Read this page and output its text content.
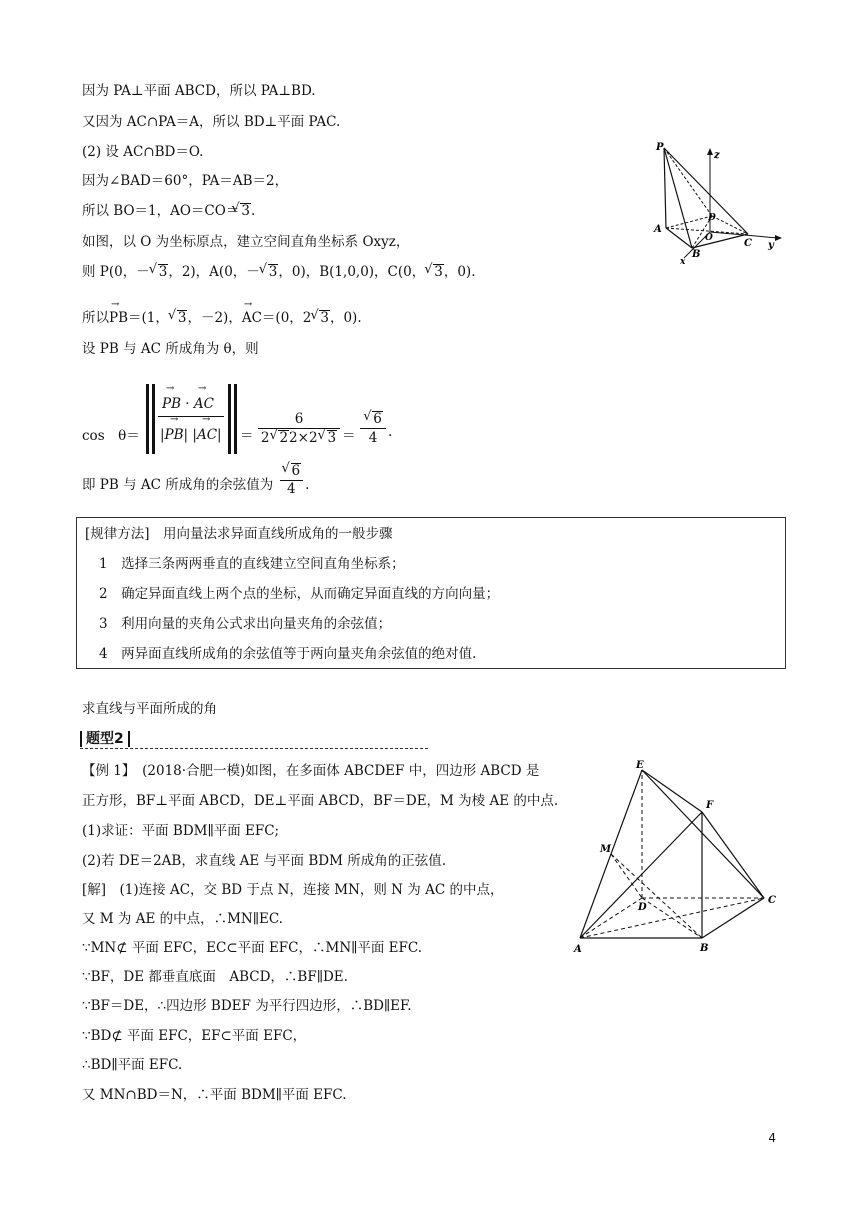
因为 PA⊥平面 ABCD，所以 PA⊥BD.
又因为 AC∩PA＝A，所以 BD⊥平面 PAC.
(2) 设 AC∩BD＝O.
因为∠BAD＝60°，PA＝AB＝2，
所以 BO＝1，AO＝CO＝ √ 3.
如图，以 O 为坐标原点，建立空间直角坐标系 Oxyz，
则 P(0，－ √ 3，2)，A(0，－ √ 3，0)，B(1,0,0)，C(0， √ 3，0).
所以→ PB＝(1， √ 3，－2)，→ AC＝(0，2 √ 3，0).
设 PB 与 AC 所成角为 θ，则
cos　θ＝
→ →
PB · AC
→ →
|PB| |AC| ＝
6
2 √ 22×2 √ 3 ＝
√ 6
4 .
即 PB 与 AC 所成角的余弦值为 √ $\frac{6}{4}$ .
P
z
A
D
O
B
C y
x
[规律方法]　用向量法求异面直线所成角的一般步骤
1　选择三条两两垂直的直线建立空间直角坐标系；
2　确定异面直线上两个点的坐标，从而确定异面直线的方向向量；
3　利用向量的夹角公式求出向量夹角的余弦值；
4　两异面直线所成角的余弦值等于两向量夹角余弦值的绝对值.
求直线与平面所成的角
题型2
【例 1】　(2018·合肥一模)如图，在多面体 ABCDEF 中，四边形 ABCD 是
正方形，BF⊥平面 ABCD，DE⊥平面 ABCD，BF＝DE，M 为棱 AE 的中点.
(1)求证：平面 BDM∥平面 EFC;
(2)若 DE＝2AB，求直线 AE 与平面 BDM 所成角的正弦值.
[解]　(1)连接 AC，交 BD 于点 N，连接 MN，则 N 为 AC 的中点，
又 M 为 AE 的中点，∴MN∥EC.
∵MN⊄ 平面 EFC，EC⊂平面 EFC，∴MN∥平面 EFC.
∵BF，DE 都垂直底面　ABCD，∴BF∥DE.
∵BF＝DE，∴四边形 BDEF 为平行四边形，∴BD∥EF.
∵BD⊄ 平面 EFC，EF⊂平面 EFC，
∴BD∥平面 EFC.
又 MN∩BD＝N，∴平面 BDM∥平面 EFC.
E
F
M
D
C
A	B
4
